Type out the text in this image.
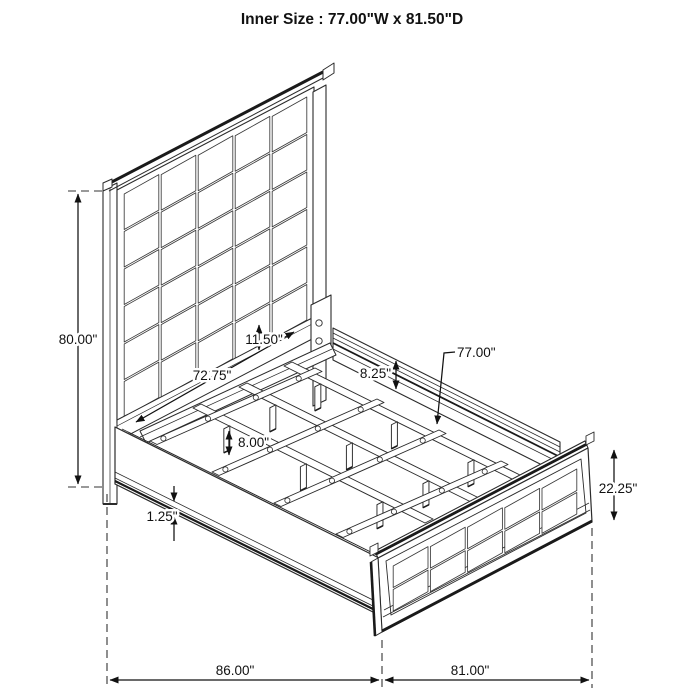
Inner Size : 77.00"W x 81.50"D
80.00"
72.75"
11.50"
8.25"
77.00"
8.00"
1.25"
22.25"
86.00"	81.00"
